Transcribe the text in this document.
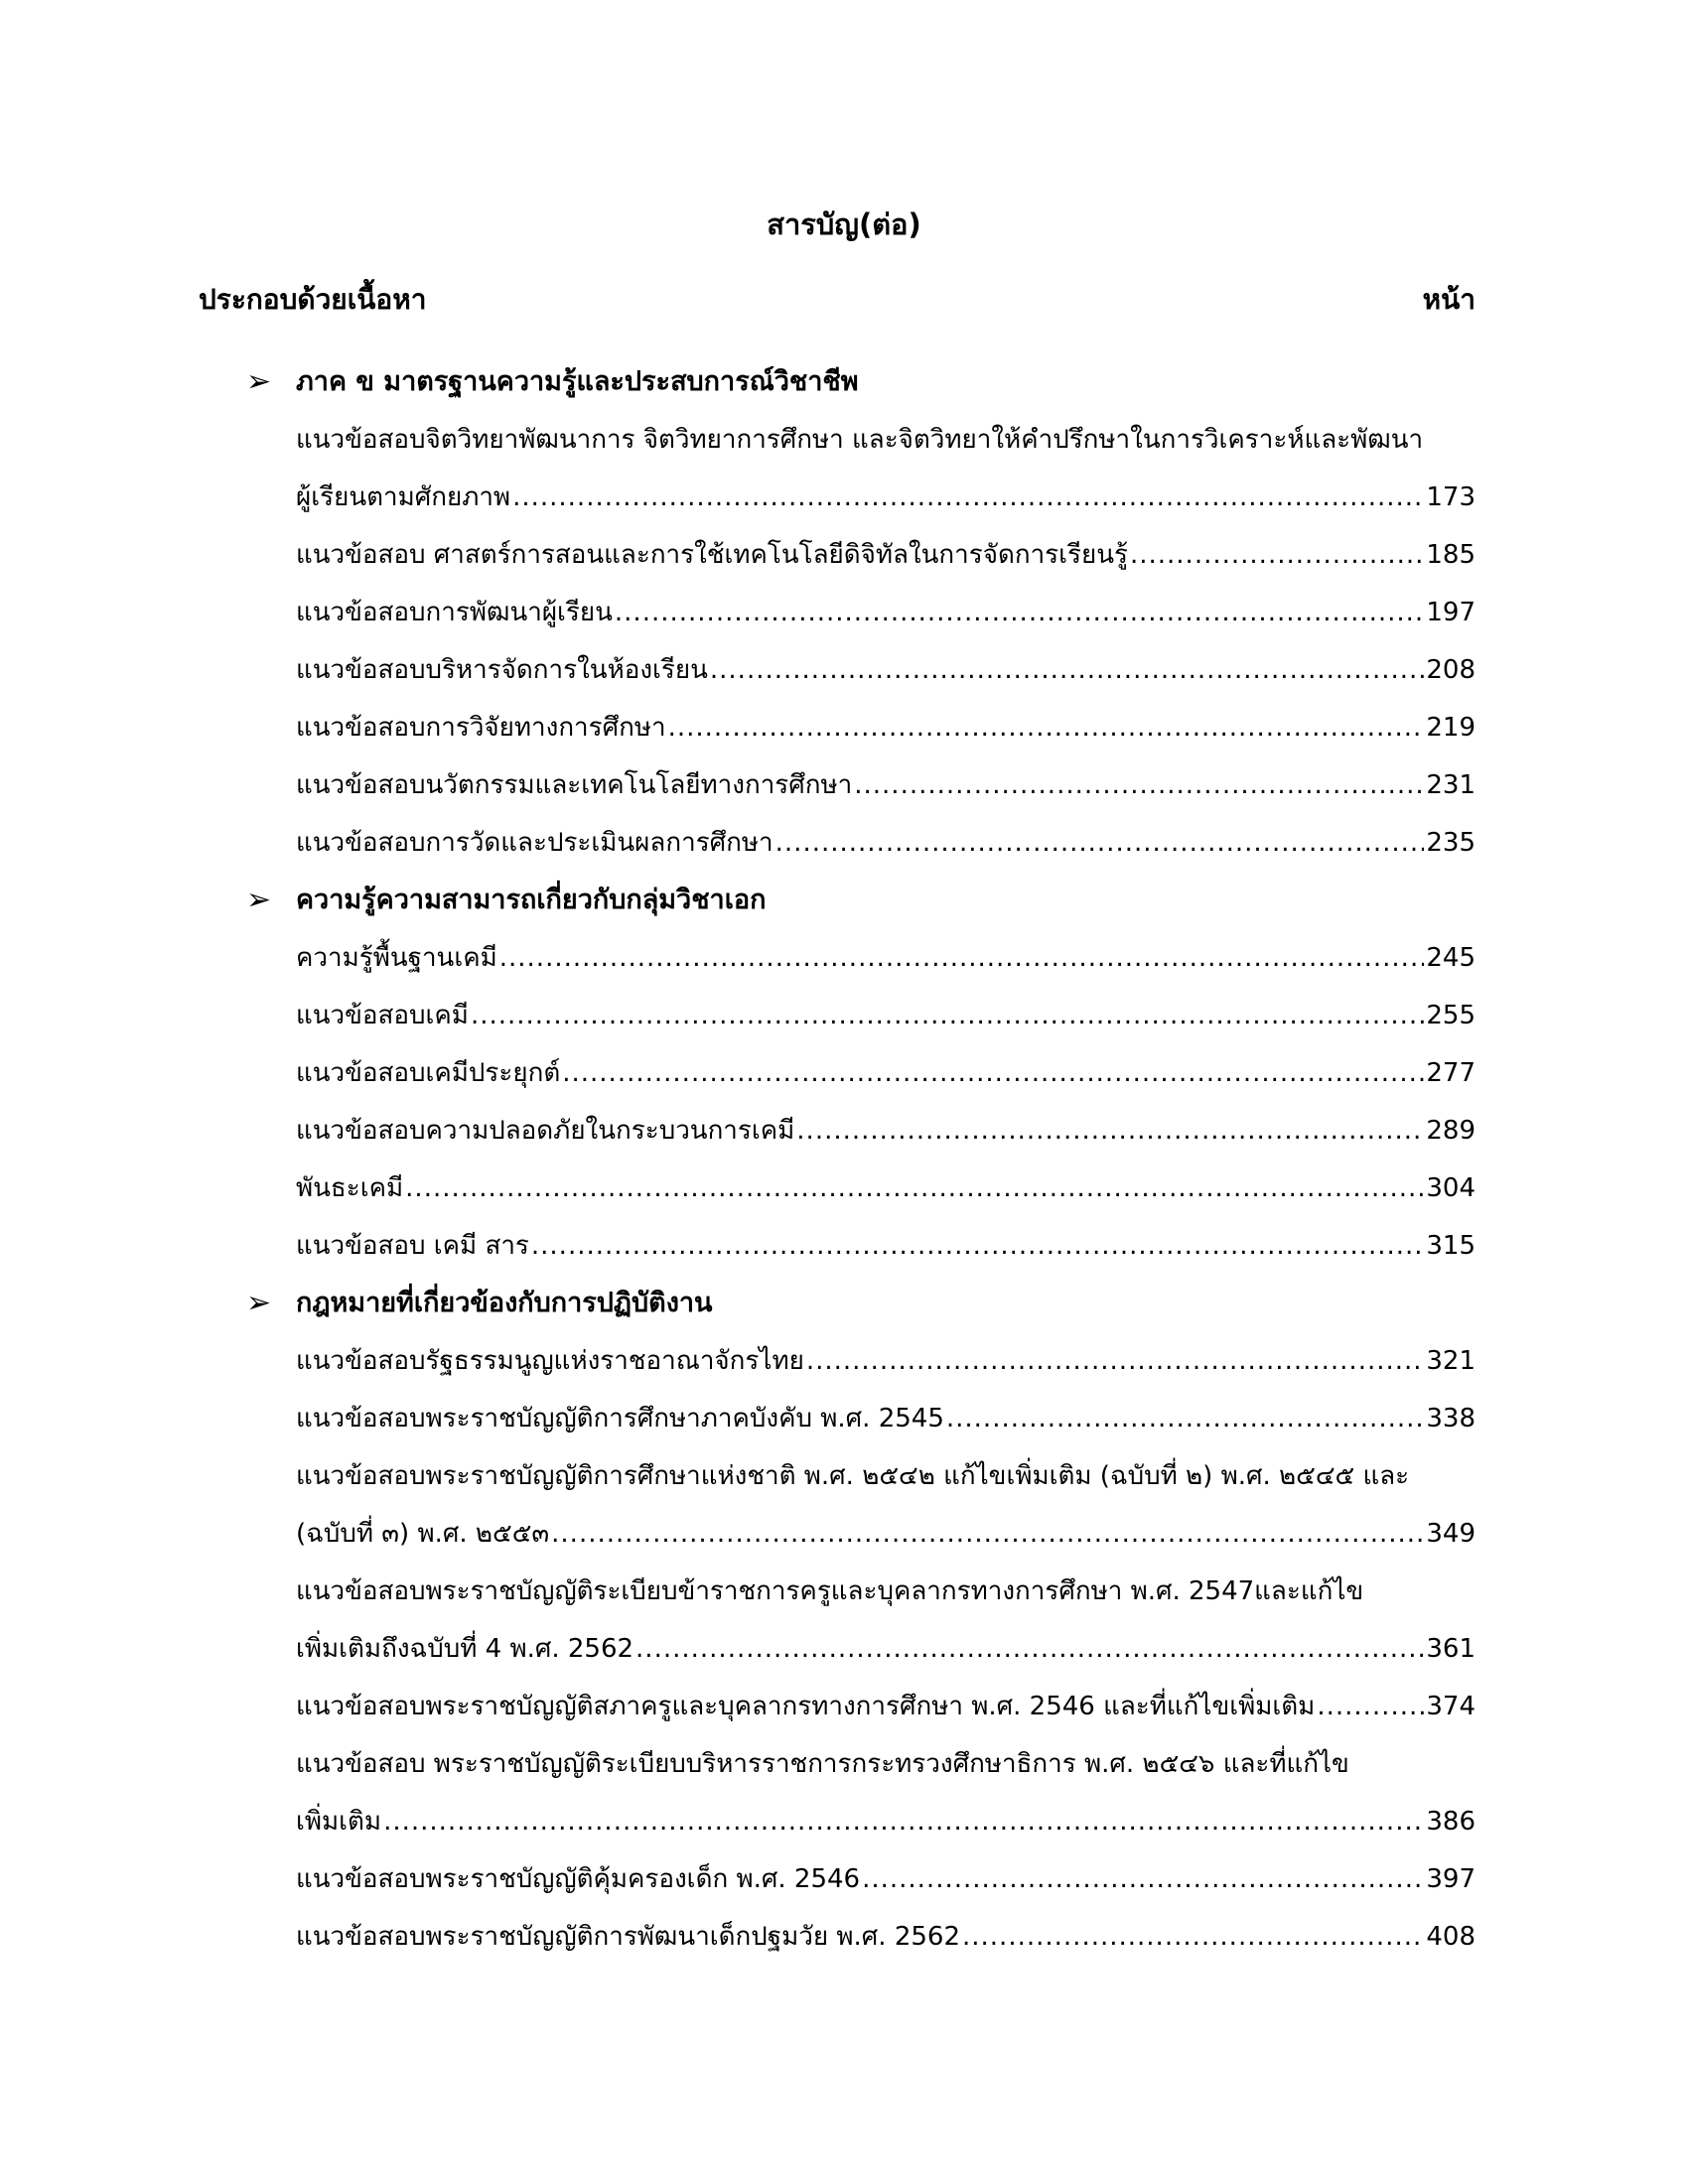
สารบัญ(ต่อ)
ประกอบด้วยเนื้อหา	หน้า
➢ ภาค ข มาตรฐานความรู้และประสบการณ์วิชาชีพ
แนวข้อสอบจิตวิทยาพัฒนาการ จิตวิทยาการศึกษา และจิตวิทยาให้คำปรึกษาในการวิเคราะห์และพัฒนา
ผู้เรียนตามศักยภาพ .....	173
แนวข้อสอบ ศาสตร์การสอนและการใช้เทคโนโลยีดิจิทัลในการจัดการเรียนรู้ .....	185
แนวข้อสอบการพัฒนาผู้เรียน .....	197
แนวข้อสอบบริหารจัดการในห้องเรียน .....	208
แนวข้อสอบการวิจัยทางการศึกษา .....	219
แนวข้อสอบนวัตกรรมและเทคโนโลยีทางการศึกษา .....	231
แนวข้อสอบการวัดและประเมินผลการศึกษา .....	235
➢ ความรู้ความสามารถเกี่ยวกับกลุ่มวิชาเอก
ความรู้พื้นฐานเคมี .....	245
แนวข้อสอบเคมี .....	255
แนวข้อสอบเคมีประยุกต์ .....	277
แนวข้อสอบความปลอดภัยในกระบวนการเคมี .....	289
พันธะเคมี .....	304
แนวข้อสอบ เคมี สาร .....	315
➢ กฎหมายที่เกี่ยวข้องกับการปฏิบัติงาน
แนวข้อสอบรัฐธรรมนูญแห่งราชอาณาจักรไทย .....	321
แนวข้อสอบพระราชบัญญัติการศึกษาภาคบังคับ พ.ศ. 2545 .....	338
แนวข้อสอบพระราชบัญญัติการศึกษาแห่งชาติ พ.ศ. ๒๕๔๒ แก้ไขเพิ่มเติม (ฉบับที่ ๒) พ.ศ. ๒๕๔๕ และ
(ฉบับที่ ๓) พ.ศ. ๒๕๕๓ .....	349
แนวข้อสอบพระราชบัญญัติระเบียบข้าราชการครูและบุคลากรทางการศึกษา พ.ศ. 2547และแก้ไข
เพิ่มเติมถึงฉบับที่ 4 พ.ศ. 2562 .....	361
แนวข้อสอบพระราชบัญญัติสภาครูและบุคลากรทางการศึกษา พ.ศ. 2546 และที่แก้ไขเพิ่มเติม .....	374
แนวข้อสอบ พระราชบัญญัติระเบียบบริหารราชการกระทรวงศึกษาธิการ พ.ศ. ๒๕๔๖ และที่แก้ไข
เพิ่มเติม .....	386
แนวข้อสอบพระราชบัญญัติคุ้มครองเด็ก พ.ศ. 2546 .....	397
แนวข้อสอบพระราชบัญญัติการพัฒนาเด็กปฐมวัย พ.ศ. 2562 .....	408
